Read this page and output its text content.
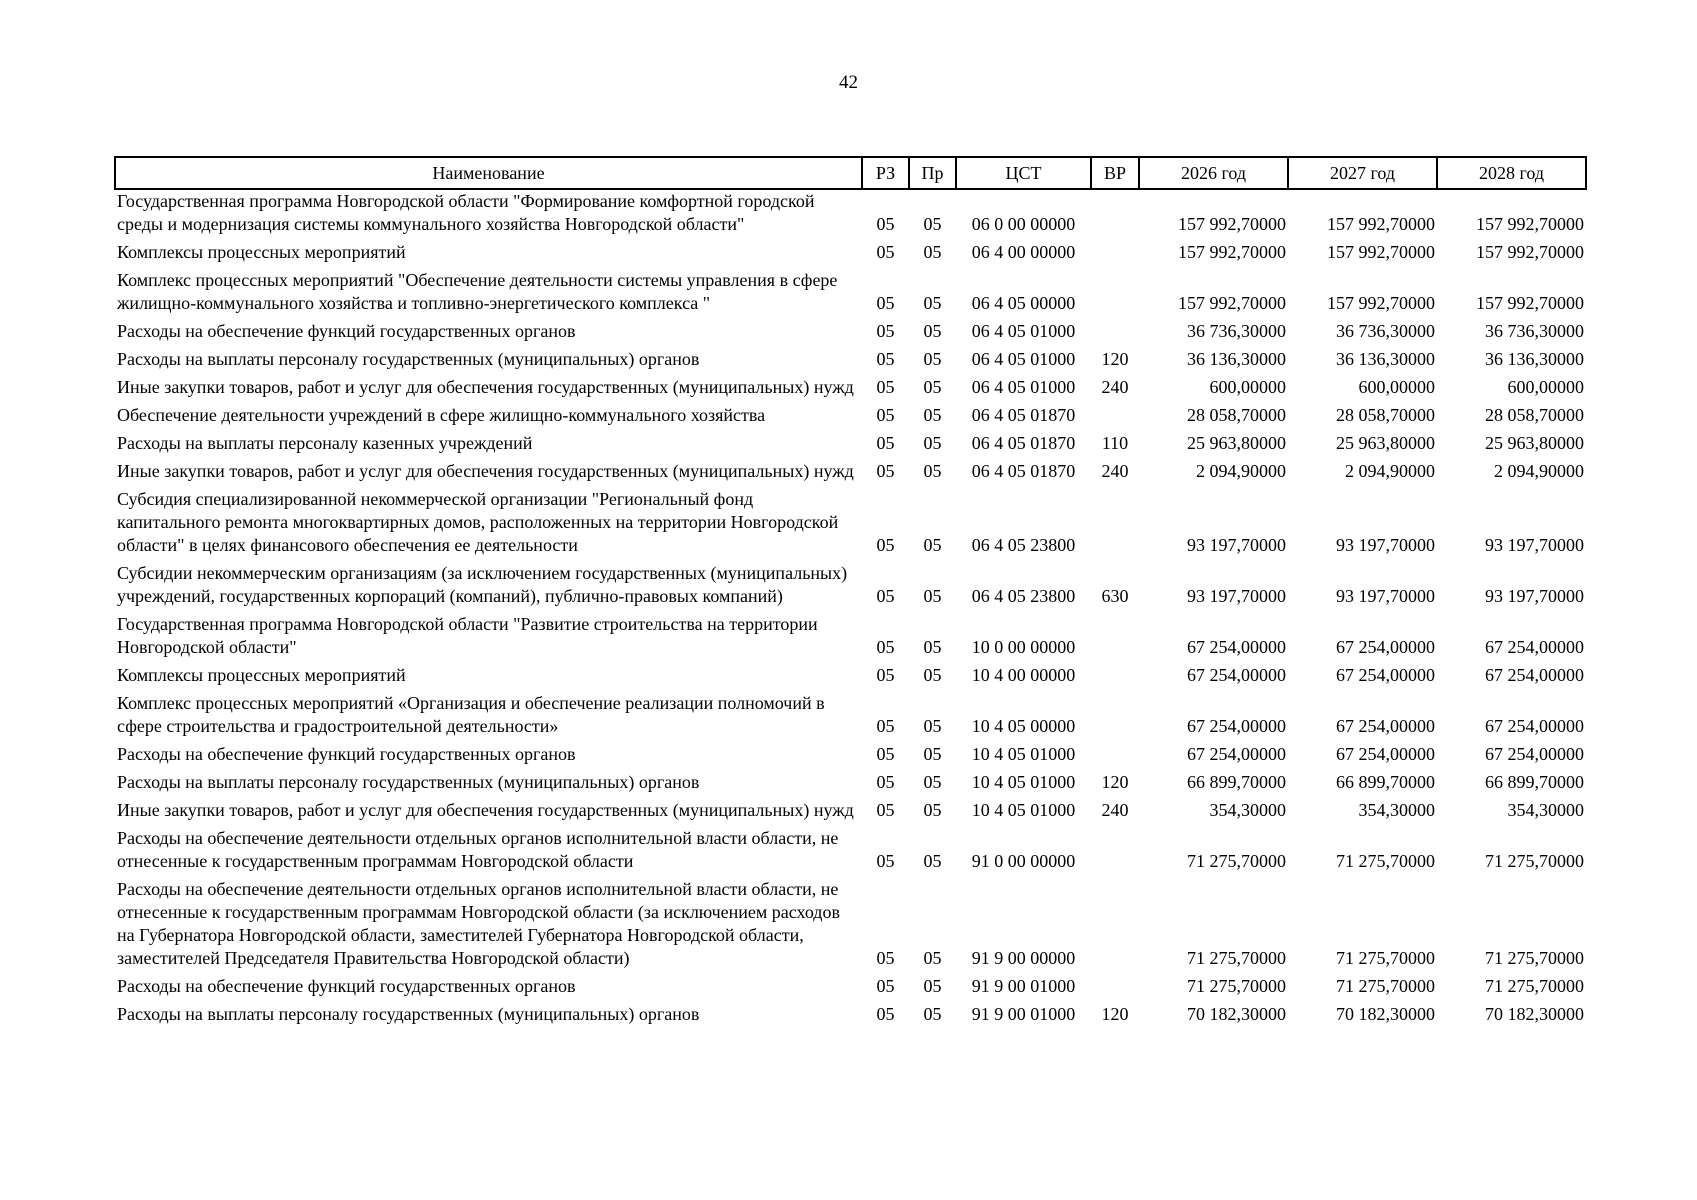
42
Наименование	РЗ	Пр	ЦСТ	ВР	2026 год	2027 год	2028 год
Государственная программа Новгородской области "Формирование комфортной городской среды и модернизация системы коммунального хозяйства Новгородской области"	05	05	06 0 00 00000		157 992,70000	157 992,70000	157 992,70000
Комплексы процессных мероприятий	05	05	06 4 00 00000		157 992,70000	157 992,70000	157 992,70000
Комплекс процессных мероприятий "Обеспечение деятельности системы управления в сфере жилищно-коммунального хозяйства и топливно-энергетического комплекса "	05	05	06 4 05 00000		157 992,70000	157 992,70000	157 992,70000
Расходы на обеспечение функций государственных органов	05	05	06 4 05 01000		36 736,30000	36 736,30000	36 736,30000
Расходы на выплаты персоналу государственных (муниципальных) органов	05	05	06 4 05 01000	120	36 136,30000	36 136,30000	36 136,30000
Иные закупки товаров, работ и услуг для обеспечения государственных (муниципальных) нужд	05	05	06 4 05 01000	240	600,00000	600,00000	600,00000
Обеспечение деятельности учреждений в сфере жилищно-коммунального хозяйства	05	05	06 4 05 01870		28 058,70000	28 058,70000	28 058,70000
Расходы на выплаты персоналу казенных учреждений	05	05	06 4 05 01870	110	25 963,80000	25 963,80000	25 963,80000
Иные закупки товаров, работ и услуг для обеспечения государственных (муниципальных) нужд	05	05	06 4 05 01870	240	2 094,90000	2 094,90000	2 094,90000
Субсидия специализированной некоммерческой организации "Региональный фонд капитального ремонта многоквартирных домов, расположенных на территории Новгородской области" в целях финансового обеспечения ее деятельности	05	05	06 4 05 23800		93 197,70000	93 197,70000	93 197,70000
Субсидии некоммерческим организациям (за исключением государственных (муниципальных) учреждений, государственных корпораций (компаний), публично-правовых компаний)	05	05	06 4 05 23800	630	93 197,70000	93 197,70000	93 197,70000
Государственная программа Новгородской области "Развитие строительства на территории Новгородской области"	05	05	10 0 00 00000		67 254,00000	67 254,00000	67 254,00000
Комплексы процессных мероприятий	05	05	10 4 00 00000		67 254,00000	67 254,00000	67 254,00000
Комплекс процессных мероприятий «Организация и обеспечение реализации полномочий в сфере строительства и градостроительной деятельности»	05	05	10 4 05 00000		67 254,00000	67 254,00000	67 254,00000
Расходы на обеспечение функций государственных органов	05	05	10 4 05 01000		67 254,00000	67 254,00000	67 254,00000
Расходы на выплаты персоналу государственных (муниципальных) органов	05	05	10 4 05 01000	120	66 899,70000	66 899,70000	66 899,70000
Иные закупки товаров, работ и услуг для обеспечения государственных (муниципальных) нужд	05	05	10 4 05 01000	240	354,30000	354,30000	354,30000
Расходы на обеспечение деятельности отдельных органов исполнительной власти области, не отнесенные к государственным программам Новгородской области	05	05	91 0 00 00000		71 275,70000	71 275,70000	71 275,70000
Расходы на обеспечение деятельности отдельных органов исполнительной власти области, не отнесенные к государственным программам Новгородской области (за исключением расходов на Губернатора Новгородской области, заместителей Губернатора Новгородской области, заместителей Председателя Правительства Новгородской области)	05	05	91 9 00 00000		71 275,70000	71 275,70000	71 275,70000
Расходы на обеспечение функций государственных органов	05	05	91 9 00 01000		71 275,70000	71 275,70000	71 275,70000
Расходы на выплаты персоналу государственных (муниципальных) органов	05	05	91 9 00 01000	120	70 182,30000	70 182,30000	70 182,30000
